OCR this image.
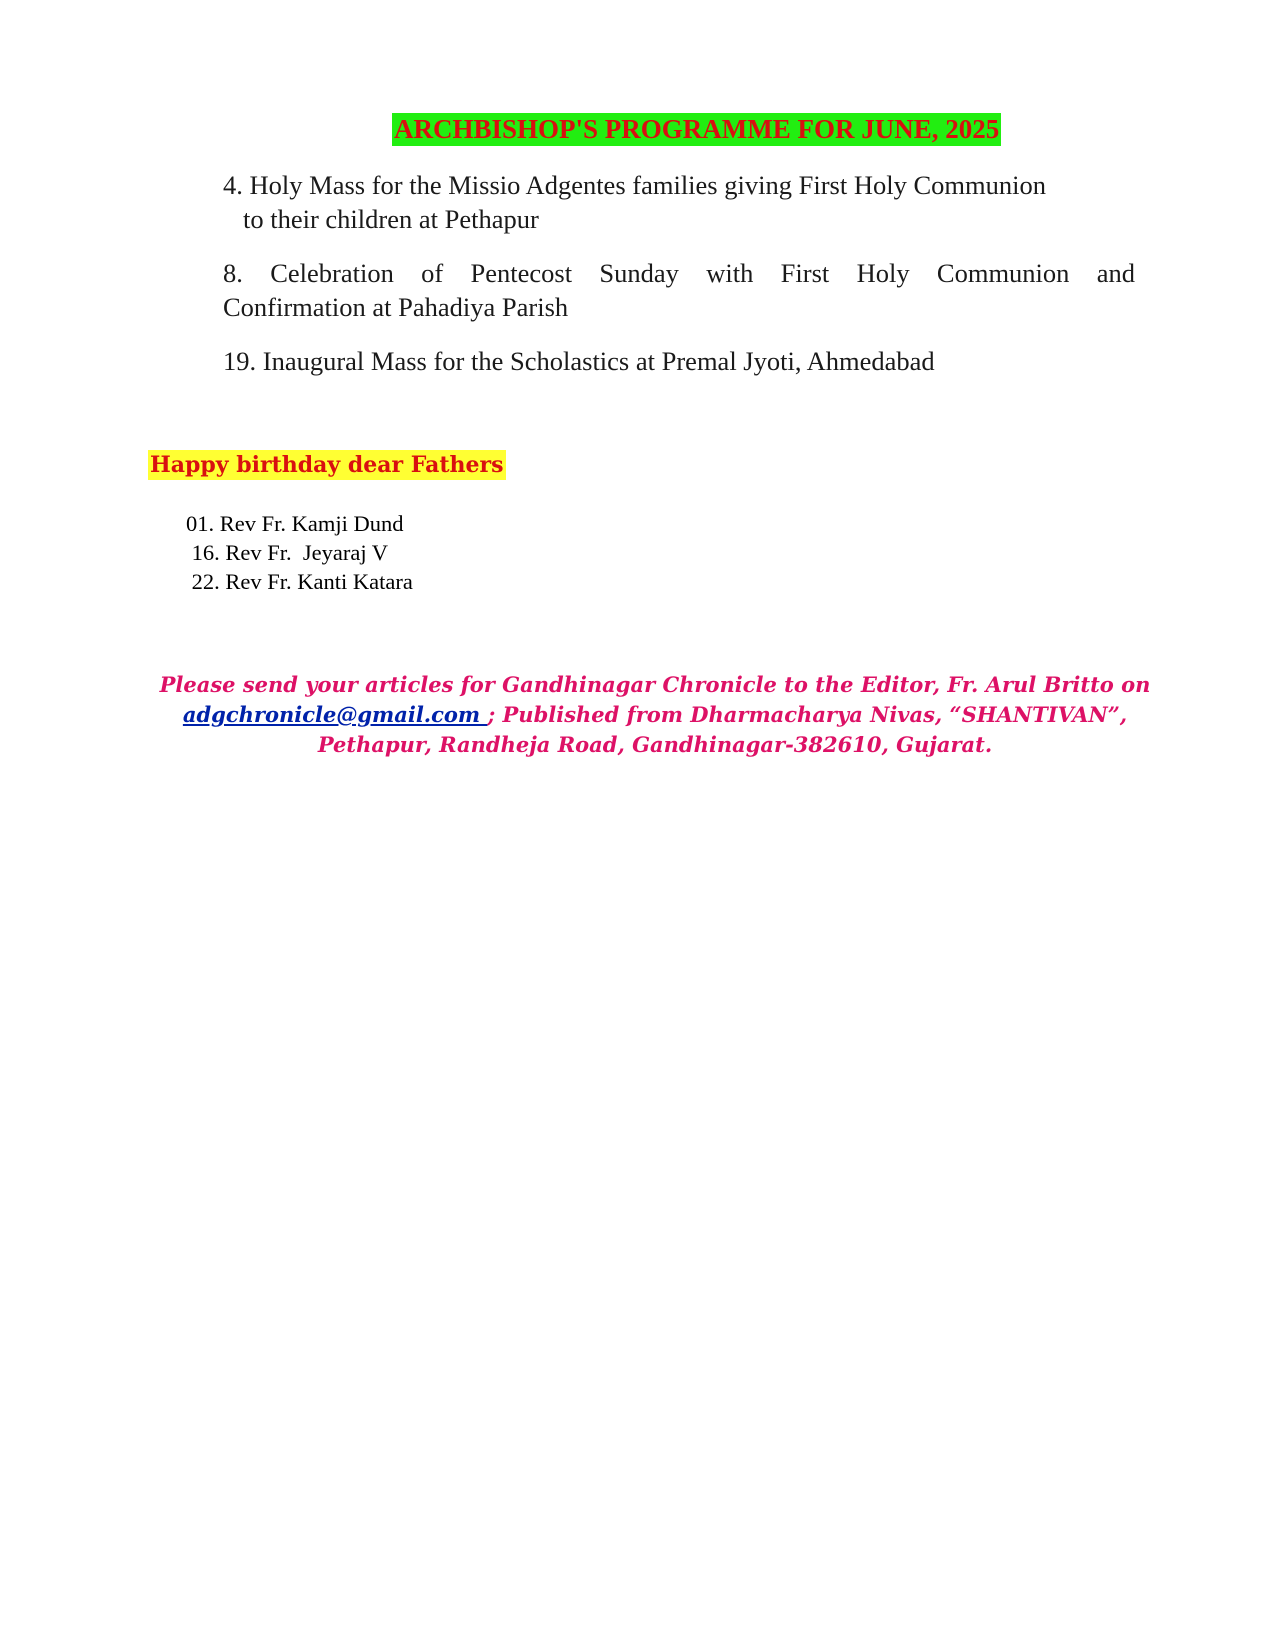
ARCHBISHOP'S PROGRAMME FOR JUNE, 2025
4. Holy Mass for the Missio Adgentes families giving First Holy Communion
to their children at Pethapur
8. Celebration of Pentecost Sunday with First Holy Communion and
Confirmation at Pahadiya Parish
19. Inaugural Mass for the Scholastics at Premal Jyoti, Ahmedabad
Happy birthday dear Fathers
01. Rev Fr. Kamji Dund
16. Rev Fr.  Jeyaraj V
22. Rev Fr. Kanti Katara
Please send your articles for Gandhinagar Chronicle to the Editor, Fr. Arul Britto on adgchronicle@gmail.com ; Published from Dharmacharya Nivas, “SHANTIVAN”, Pethapur, Randheja Road, Gandhinagar-382610, Gujarat.
